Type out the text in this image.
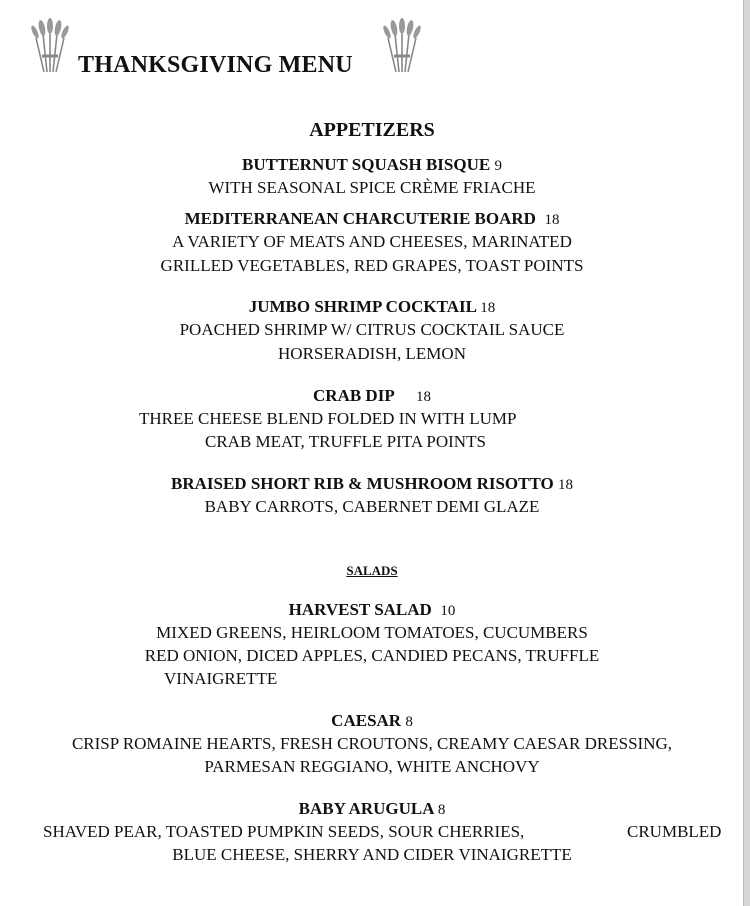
THANKSGIVING MENU
APPETIZERS
BUTTERNUT SQUASH BISQUE 9
WITH SEASONAL SPICE CRÈME FRIACHE
MEDITERRANEAN CHARCUTERIE BOARD 18
A VARIETY OF MEATS AND CHEESES, MARINATED
GRILLED VEGETABLES, RED GRAPES, TOAST POINTS
JUMBO SHRIMP COCKTAIL 18
POACHED SHRIMP W/ CITRUS COCKTAIL SAUCE
HORSERADISH, LEMON
CRAB DIP 18
THREE CHEESE BLEND FOLDED IN WITH LUMP
CRAB MEAT, TRUFFLE PITA POINTS
BRAISED SHORT RIB & MUSHROOM RISOTTO 18
BABY CARROTS, CABERNET DEMI GLAZE
SALADS
HARVEST SALAD 10
MIXED GREENS, HEIRLOOM TOMATOES, CUCUMBERS
RED ONION, DICED APPLES, CANDIED PECANS, TRUFFLE
VINAIGRETTE
CAESAR 8
CRISP ROMAINE HEARTS, FRESH CROUTONS, CREAMY CAESAR DRESSING,
PARMESAN REGGIANO, WHITE ANCHOVY
BABY ARUGULA 8
SHAVED PEAR, TOASTED PUMPKIN SEEDS, SOUR CHERRIES,	CRUMBLED
BLUE CHEESE, SHERRY AND CIDER VINAIGRETTE
